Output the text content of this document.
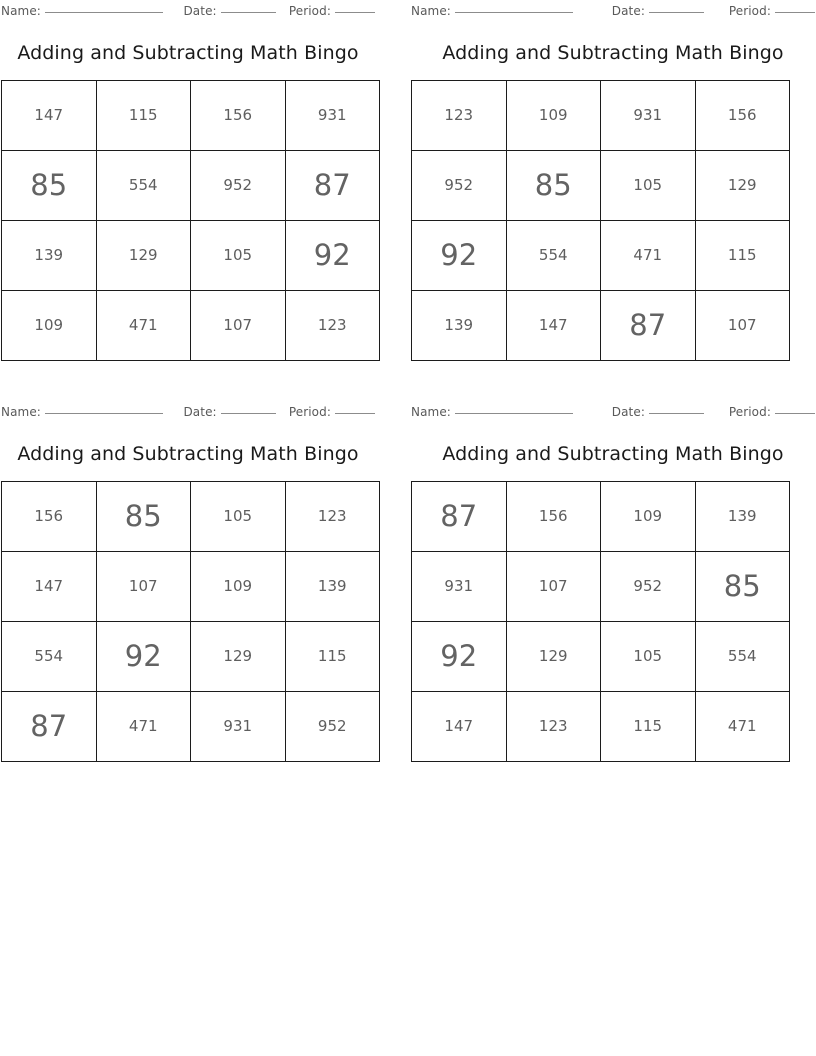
Name:	Date:	Period:
Adding and Subtracting Math Bingo
147	115	156	931
85	554	952	87
139	129	105	92
109	471	107	123
Name:	Date:	Period:
Adding and Subtracting Math Bingo
123	109	931	156
952	85	105	129
92	554	471	115
139	147	87	107
Name:	Date:	Period:
Adding and Subtracting Math Bingo
156	85	105	123
147	107	109	139
554	92	129	115
87	471	931	952
Name:	Date:	Period:
Adding and Subtracting Math Bingo
87	156	109	139
931	107	952	85
92	129	105	554
147	123	115	471
